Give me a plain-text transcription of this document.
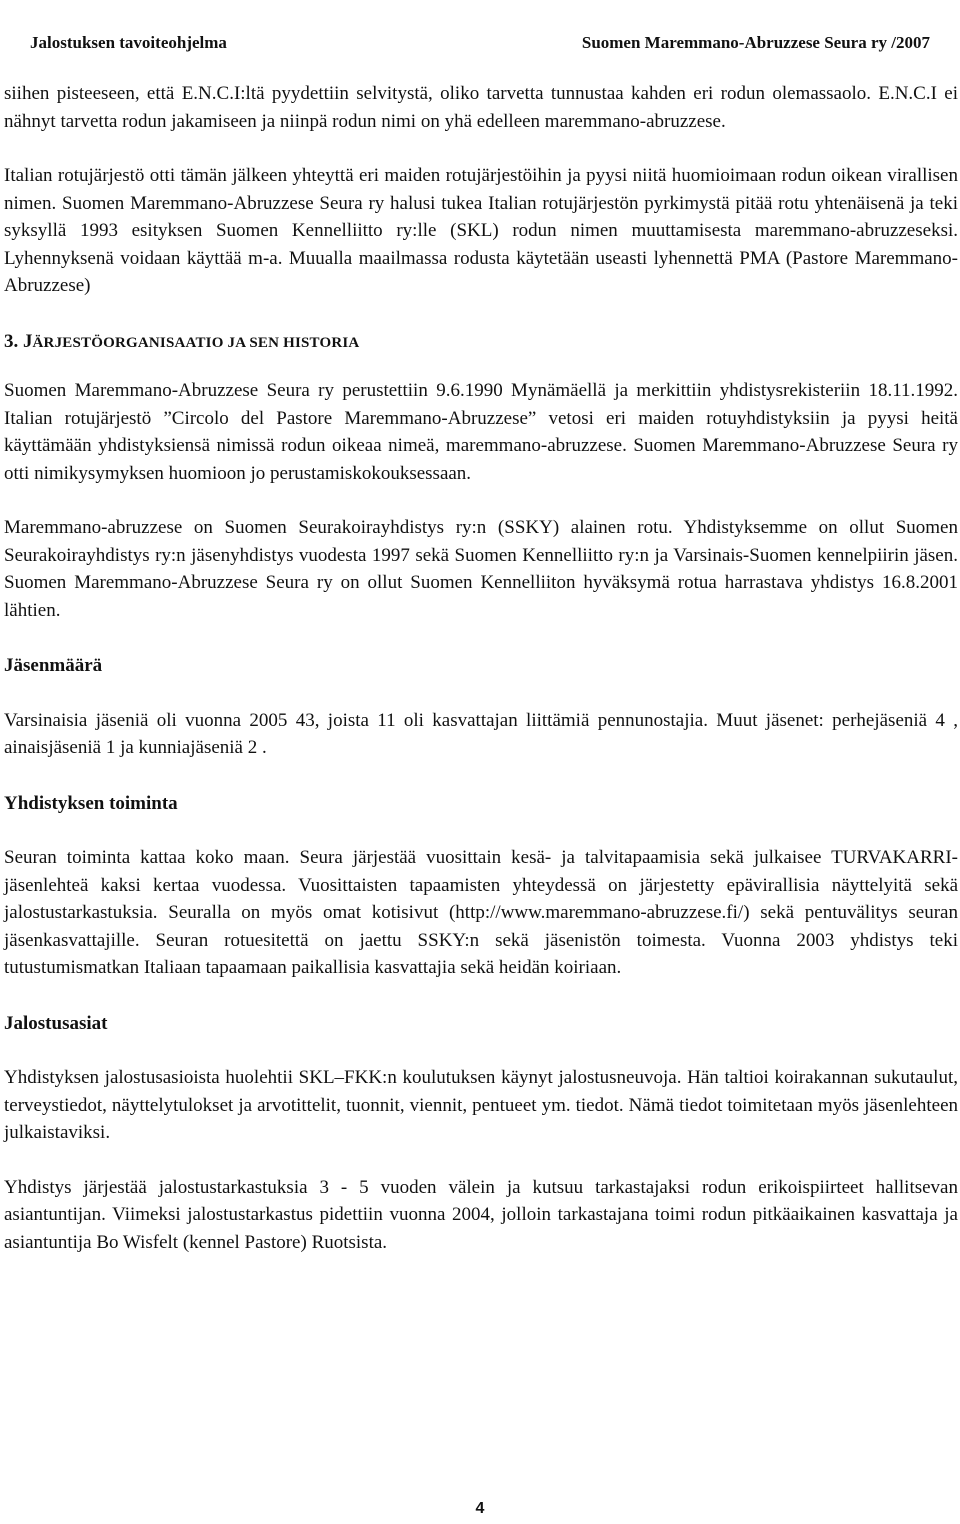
Jalostuksen tavoiteohjelma	Suomen Maremmano-Abruzzese Seura ry /2007

siihen pisteeseen, että E.N.C.I:ltä pyydettiin selvitystä, oliko tarvetta tunnustaa kahden eri rodun olemassaolo. E.N.C.I ei nähnyt tarvetta rodun jakamiseen ja niinpä rodun nimi on yhä edelleen maremmano-abruzzese.

Italian rotujärjestö otti tämän jälkeen yhteyttä eri maiden rotujärjestöihin ja pyysi niitä huomioimaan rodun oikean virallisen nimen. Suomen Maremmano-Abruzzese Seura ry halusi tukea Italian rotujärjestön pyrkimystä pitää rotu yhtenäisenä ja teki syksyllä 1993 esityksen Suomen Kennelliitto ry:lle (SKL) rodun nimen muuttamisesta maremmano-abruzzeseksi. Lyhennyksenä voidaan käyttää m-a. Muualla maailmassa rodusta käytetään useasti lyhennettä PMA (Pastore Maremmano-Abruzzese)

3. JÄRJESTÖORGANISAATIO JA SEN HISTORIA

Suomen Maremmano-Abruzzese Seura ry perustettiin 9.6.1990 Mynämäellä ja merkittiin yhdistysrekisteriin 18.11.1992. Italian rotujärjestö ”Circolo del Pastore Maremmano-Abruzzese” vetosi eri maiden rotuyhdistyksiin ja pyysi heitä käyttämään yhdistyksiensä nimissä rodun oikeaa nimeä, maremmano-abruzzese. Suomen Maremmano-Abruzzese Seura ry otti nimikysymyksen huomioon jo perustamiskokouksessaan.

Maremmano-abruzzese on Suomen Seurakoirayhdistys ry:n (SSKY) alainen rotu. Yhdistyksemme on ollut Suomen Seurakoirayhdistys ry:n jäsenyhdistys vuodesta 1997 sekä Suomen Kennelliitto ry:n ja Varsinais-Suomen kennelpiirin jäsen. Suomen Maremmano-Abruzzese Seura ry on ollut Suomen Kennelliiton hyväksymä rotua harrastava yhdistys 16.8.2001 lähtien.

Jäsenmäärä

Varsinaisia jäseniä oli vuonna 2005 43, joista 11 oli kasvattajan liittämiä pennunostajia. Muut jäsenet: perhejäseniä 4 , ainaisjäseniä 1 ja kunniajäseniä 2 .

Yhdistyksen toiminta

Seuran toiminta kattaa koko maan. Seura järjestää vuosittain kesä- ja talvitapaamisia sekä julkaisee TURVAKARRI-jäsenlehteä kaksi kertaa vuodessa. Vuosittaisten tapaamisten yhteydessä on järjestetty epävirallisia näyttelyitä sekä jalostustarkastuksia. Seuralla on myös omat kotisivut (http://www.maremmano-abruzzese.fi/) sekä pentuvälitys seuran jäsenkasvattajille. Seuran rotuesitettä on jaettu SSKY:n sekä jäsenistön toimesta. Vuonna 2003 yhdistys teki tutustumismatkan Italiaan tapaamaan paikallisia kasvattajia sekä heidän koiriaan.

Jalostusasiat

Yhdistyksen jalostusasioista huolehtii SKL–FKK:n koulutuksen käynyt jalostusneuvoja. Hän taltioi koirakannan sukutaulut, terveystiedot, näyttelytulokset ja arvotittelit, tuonnit, viennit, pentueet ym. tiedot. Nämä tiedot toimitetaan myös jäsenlehteen julkaistaviksi.

Yhdistys järjestää jalostustarkastuksia 3 - 5 vuoden välein ja kutsuu tarkastajaksi rodun erikoispiirteet hallitsevan asiantuntijan. Viimeksi jalostustarkastus pidettiin vuonna 2004, jolloin tarkastajana toimi rodun pitkäaikainen kasvattaja ja asiantuntija Bo Wisfelt (kennel Pastore) Ruotsista.

4
